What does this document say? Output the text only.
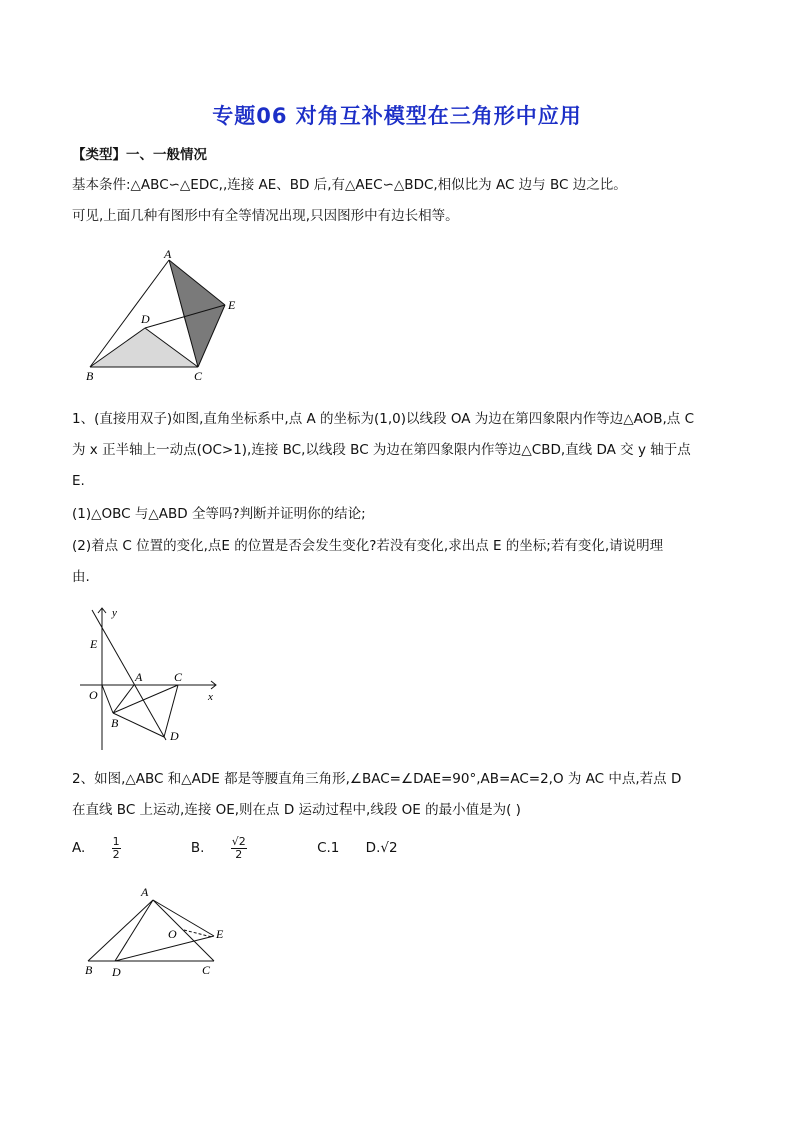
专题06 对角互补模型在三角形中应用
【类型】一、一般情况
基本条件:△ABC∽△EDC,,连接 AE、BD 后,有△AEC∽△BDC,相似比为 AC 边与 BC 边之比。
可见,上面几种有图形中有全等情况出现,只因图形中有边长相等。
A
E
D
B	C
1、(直接用双子)如图,直角坐标系中,点 A 的坐标为(1,0)以线段 OA 为边在第四象限内作等边△AOB,点 C
为 x 正半轴上一动点(OC>1),连接 BC,以线段 BC 为边在第四象限内作等边△CBD,直线 DA 交 y 轴于点
E.
(1)△OBC 与△ABD 全等吗?判断并证明你的结论;
(2)着点 C 位置的变化,点E 的位置是否会发生变化?若没有变化,求出点 E 的坐标;若有变化,请说明理
由.
y
x
E
O
A	C
B
D
2、如图,△ABC 和△ADE 都是等腰直角三角形,∠BAC=∠DAE=90°,AB=AC=2,O 为 AC 中点,若点 D
在直线 BC 上运动,连接 OE,则在点 D 运动过程中,线段 OE 的最小值是为( )
A. $\frac{1}{2}$	B. $\frac{√2}{2}$	C.1 D.√2
A
O	E
B D	C
